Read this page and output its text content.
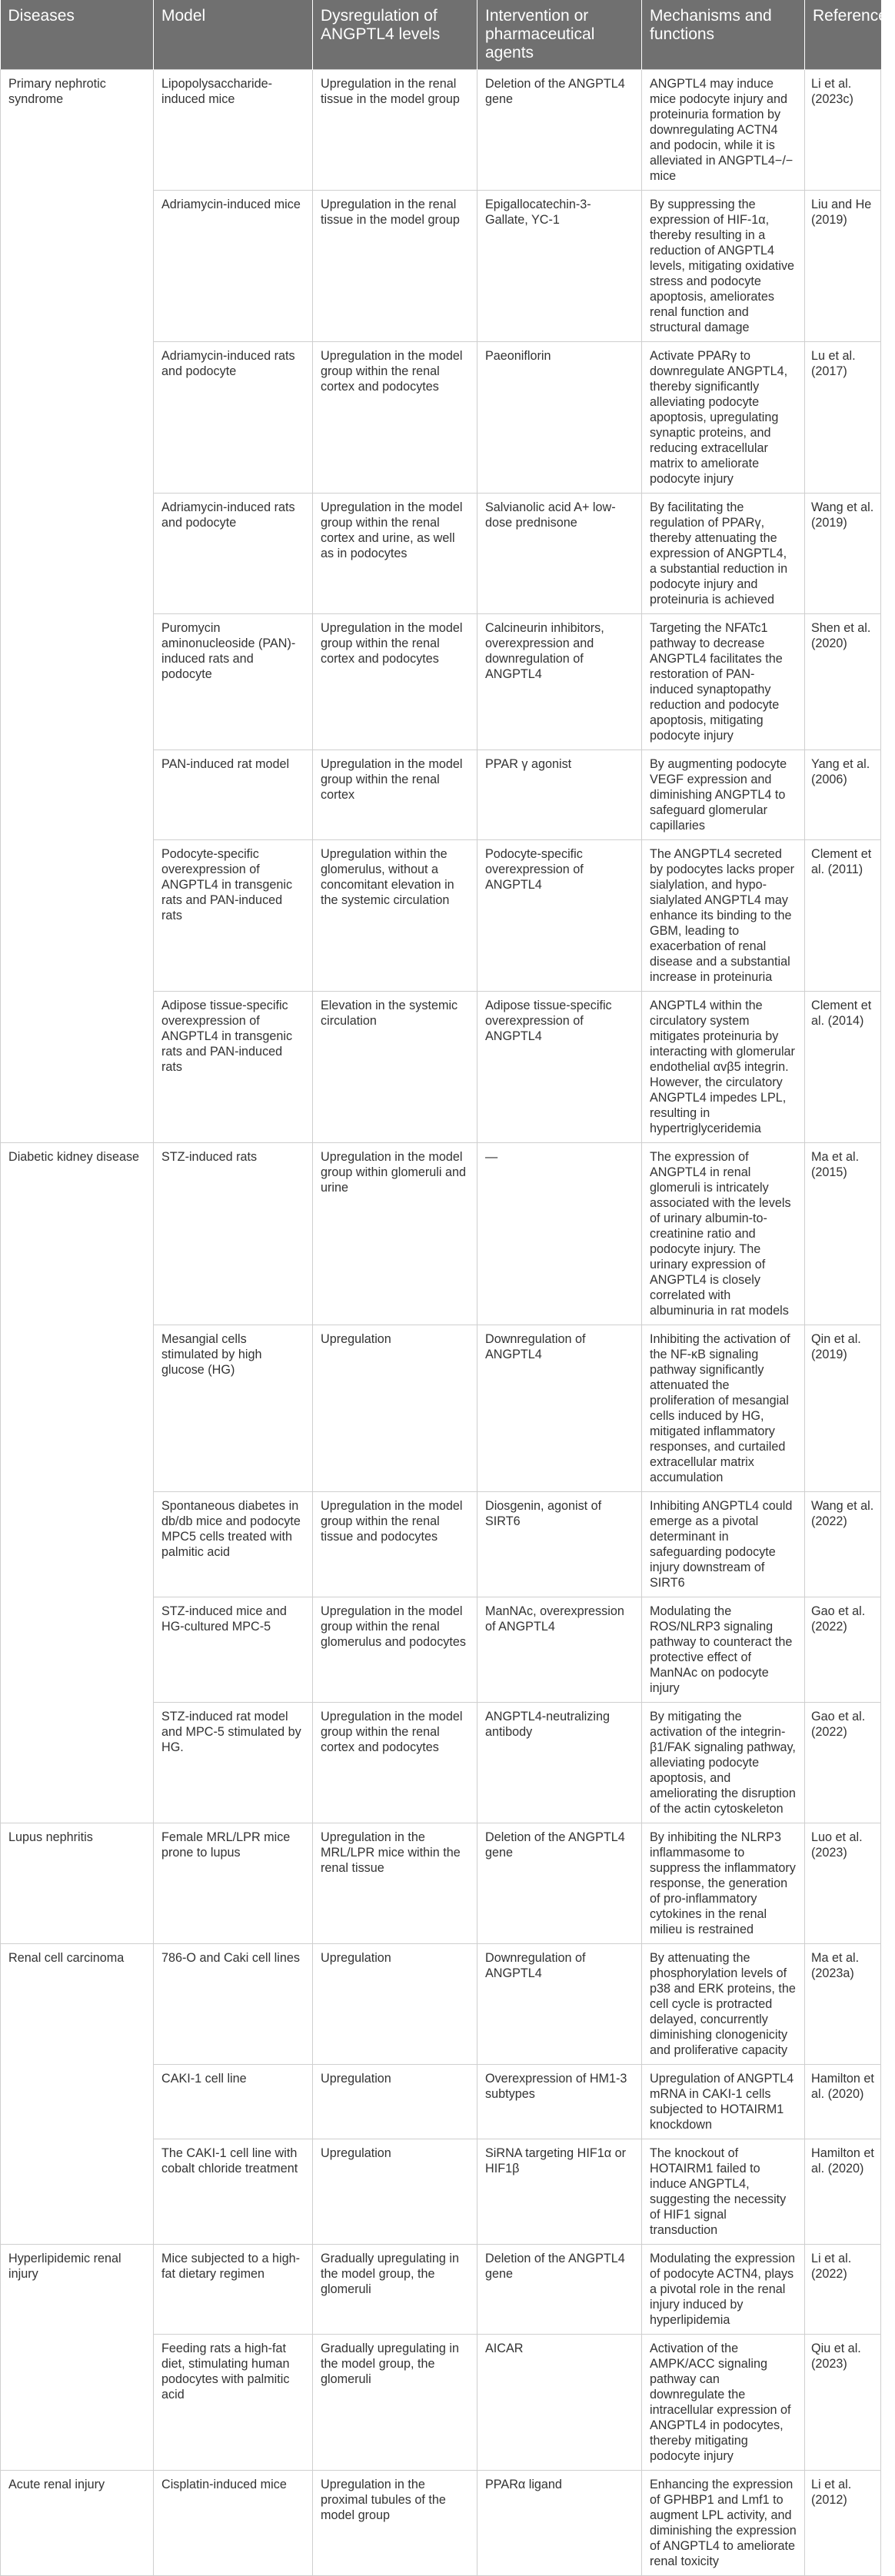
Diseases	Model	Dysregulation of ANGPTL4 levels	Intervention or pharmaceutical agents	Mechanisms and functions	References
Primary nephrotic syndrome	Lipopolysaccharide-induced mice	Upregulation in the renal tissue in the model group	Deletion of the ANGPTL4 gene	ANGPTL4 may induce mice podocyte injury and proteinuria formation by downregulating ACTN4 and podocin, while it is alleviated in ANGPTL4−/− mice	Li et al. (2023c)
	Adriamycin-induced mice	Upregulation in the renal tissue in the model group	Epigallocatechin-3-Gallate, YC-1	By suppressing the expression of HIF-1α, thereby resulting in a reduction of ANGPTL4 levels, mitigating oxidative stress and podocyte apoptosis, ameliorates renal function and structural damage	Liu and He (2019)
	Adriamycin-induced rats and podocyte	Upregulation in the model group within the renal cortex and podocytes	Paeoniflorin	Activate PPARγ to downregulate ANGPTL4, thereby significantly alleviating podocyte apoptosis, upregulating synaptic proteins, and reducing extracellular matrix to ameliorate podocyte injury	Lu et al. (2017)
	Adriamycin-induced rats and podocyte	Upregulation in the model group within the renal cortex and urine, as well as in podocytes	Salvianolic acid A+ low-dose prednisone	By facilitating the regulation of PPARγ, thereby attenuating the expression of ANGPTL4, a substantial reduction in podocyte injury and proteinuria is achieved	Wang et al. (2019)
	Puromycin aminonucleoside (PAN)-induced rats and podocyte	Upregulation in the model group within the renal cortex and podocytes	Calcineurin inhibitors, overexpression and downregulation of ANGPTL4	Targeting the NFATc1 pathway to decrease ANGPTL4 facilitates the restoration of PAN-induced synaptopathy reduction and podocyte apoptosis, mitigating podocyte injury	Shen et al. (2020)
	PAN-induced rat model	Upregulation in the model group within the renal cortex	PPAR γ agonist	By augmenting podocyte VEGF expression and diminishing ANGPTL4 to safeguard glomerular capillaries	Yang et al. (2006)
	Podocyte-specific overexpression of ANGPTL4 in transgenic rats and PAN-induced rats	Upregulation within the glomerulus, without a concomitant elevation in the systemic circulation	Podocyte-specific overexpression of ANGPTL4	The ANGPTL4 secreted by podocytes lacks proper sialylation, and hypo-sialylated ANGPTL4 may enhance its binding to the GBM, leading to exacerbation of renal disease and a substantial increase in proteinuria	Clement et al. (2011)
	Adipose tissue-specific overexpression of ANGPTL4 in transgenic rats and PAN-induced rats	Elevation in the systemic circulation	Adipose tissue-specific overexpression of ANGPTL4	ANGPTL4 within the circulatory system mitigates proteinuria by interacting with glomerular endothelial αvβ5 integrin. However, the circulatory ANGPTL4 impedes LPL, resulting in hypertriglyceridemia	Clement et al. (2014)
Diabetic kidney disease	STZ-induced rats	Upregulation in the model group within glomeruli and urine	—	The expression of ANGPTL4 in renal glomeruli is intricately associated with the levels of urinary albumin-to-creatinine ratio and podocyte injury. The urinary expression of ANGPTL4 is closely correlated with albuminuria in rat models	Ma et al. (2015)
	Mesangial cells stimulated by high glucose (HG)	Upregulation	Downregulation of ANGPTL4	Inhibiting the activation of the NF-κB signaling pathway significantly attenuated the proliferation of mesangial cells induced by HG, mitigated inflammatory responses, and curtailed extracellular matrix accumulation	Qin et al. (2019)
	Spontaneous diabetes in db/db mice and podocyte MPC5 cells treated with palmitic acid	Upregulation in the model group within the renal tissue and podocytes	Diosgenin, agonist of SIRT6	Inhibiting ANGPTL4 could emerge as a pivotal determinant in safeguarding podocyte injury downstream of SIRT6	Wang et al. (2022)
	STZ-induced mice and HG-cultured MPC-5	Upregulation in the model group within the renal glomerulus and podocytes	ManNAc, overexpression of ANGPTL4	Modulating the ROS/NLRP3 signaling pathway to counteract the protective effect of ManNAc on podocyte injury	Gao et al. (2022)
	STZ-induced rat model and MPC-5 stimulated by HG.	Upregulation in the model group within the renal cortex and podocytes	ANGPTL4-neutralizing antibody	By mitigating the activation of the integrin-β1/FAK signaling pathway, alleviating podocyte apoptosis, and ameliorating the disruption of the actin cytoskeleton	Gao et al. (2022)
Lupus nephritis	Female MRL/LPR mice prone to lupus	Upregulation in the MRL/LPR mice within the renal tissue	Deletion of the ANGPTL4 gene	By inhibiting the NLRP3 inflammasome to suppress the inflammatory response, the generation of pro-inflammatory cytokines in the renal milieu is restrained	Luo et al. (2023)
Renal cell carcinoma	786-O and Caki cell lines	Upregulation	Downregulation of ANGPTL4	By attenuating the phosphorylation levels of p38 and ERK proteins, the cell cycle is protracted delayed, concurrently diminishing clonogenicity and proliferative capacity	Ma et al. (2023a)
	CAKI-1 cell line	Upregulation	Overexpression of HM1-3 subtypes	Upregulation of ANGPTL4 mRNA in CAKI-1 cells subjected to HOTAIRM1 knockdown	Hamilton et al. (2020)
	The CAKI-1 cell line with cobalt chloride treatment	Upregulation	SiRNA targeting HIF1α or HIF1β	The knockout of HOTAIRM1 failed to induce ANGPTL4, suggesting the necessity of HIF1 signal transduction	Hamilton et al. (2020)
Hyperlipidemic renal injury	Mice subjected to a high-fat dietary regimen	Gradually upregulating in the model group, the glomeruli	Deletion of the ANGPTL4 gene	Modulating the expression of podocyte ACTN4, plays a pivotal role in the renal injury induced by hyperlipidemia	Li et al. (2022)
	Feeding rats a high-fat diet, stimulating human podocytes with palmitic acid	Gradually upregulating in the model group, the glomeruli	AICAR	Activation of the AMPK/ACC signaling pathway can downregulate the intracellular expression of ANGPTL4 in podocytes, thereby mitigating podocyte injury	Qiu et al. (2023)
Acute renal injury	Cisplatin-induced mice	Upregulation in the proximal tubules of the model group	PPARα ligand	Enhancing the expression of GPHBP1 and Lmf1 to augment LPL activity, and diminishing the expression of ANGPTL4 to ameliorate renal toxicity	Li et al. (2012)
